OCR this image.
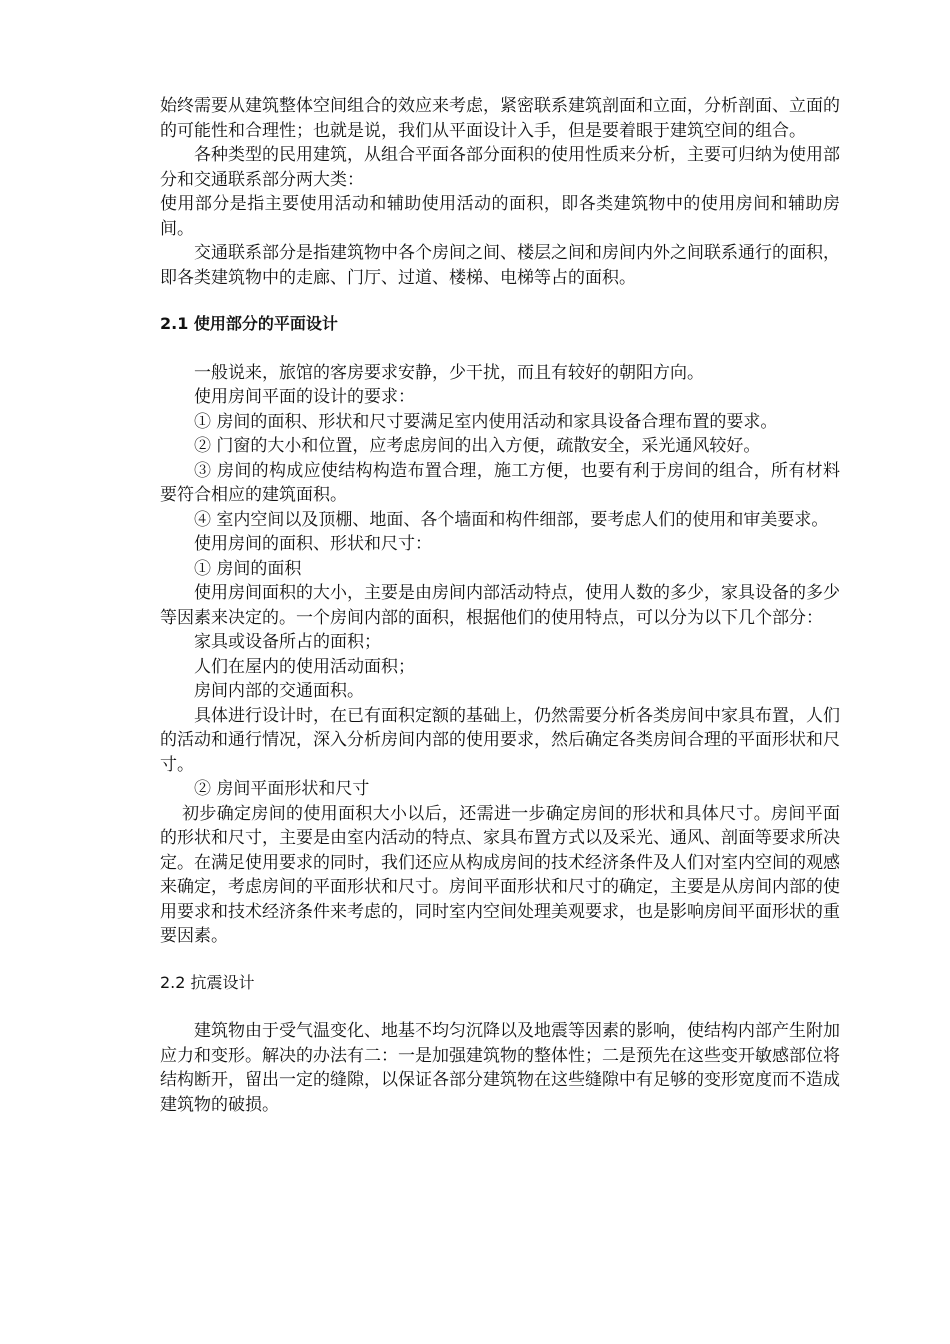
始终需要从建筑整体空间组合的效应来考虑，紧密联系建筑剖面和立面，分析剖面、立面的的可能性和合理性；也就是说，我们从平面设计入手，但是要着眼于建筑空间的组合。

各种类型的民用建筑，从组合平面各部分面积的使用性质来分析，主要可归纳为使用部分和交通联系部分两大类：

使用部分是指主要使用活动和辅助使用活动的面积，即各类建筑物中的使用房间和辅助房间。

交通联系部分是指建筑物中各个房间之间、楼层之间和房间内外之间联系通行的面积，即各类建筑物中的走廊、门厅、过道、楼梯、电梯等占的面积。

2.1 使用部分的平面设计

一般说来，旅馆的客房要求安静，少干扰，而且有较好的朝阳方向。

使用房间平面的设计的要求：

① 房间的面积、形状和尺寸要满足室内使用活动和家具设备合理布置的要求。

② 门窗的大小和位置，应考虑房间的出入方便，疏散安全，采光通风较好。

③ 房间的构成应使结构构造布置合理，施工方便，也要有利于房间的组合，所有材料要符合相应的建筑面积。

④ 室内空间以及顶棚、地面、各个墙面和构件细部，要考虑人们的使用和审美要求。

使用房间的面积、形状和尺寸：

① 房间的面积

使用房间面积的大小，主要是由房间内部活动特点，使用人数的多少，家具设备的多少等因素来决定的。一个房间内部的面积，根据他们的使用特点，可以分为以下几个部分：

家具或设备所占的面积；

人们在屋内的使用活动面积；

房间内部的交通面积。

具体进行设计时，在已有面积定额的基础上，仍然需要分析各类房间中家具布置，人们的活动和通行情况，深入分析房间内部的使用要求，然后确定各类房间合理的平面形状和尺寸。

② 房间平面形状和尺寸

初步确定房间的使用面积大小以后，还需进一步确定房间的形状和具体尺寸。房间平面的形状和尺寸，主要是由室内活动的特点、家具布置方式以及采光、通风、剖面等要求所决定。在满足使用要求的同时，我们还应从构成房间的技术经济条件及人们对室内空间的观感来确定，考虑房间的平面形状和尺寸。房间平面形状和尺寸的确定，主要是从房间内部的使用要求和技术经济条件来考虑的，同时室内空间处理美观要求，也是影响房间平面形状的重要因素。

2.2 抗震设计

建筑物由于受气温变化、地基不均匀沉降以及地震等因素的影响，使结构内部产生附加应力和变形。解决的办法有二：一是加强建筑物的整体性；二是预先在这些变开敏感部位将结构断开，留出一定的缝隙，以保证各部分建筑物在这些缝隙中有足够的变形宽度而不造成建筑物的破损。
